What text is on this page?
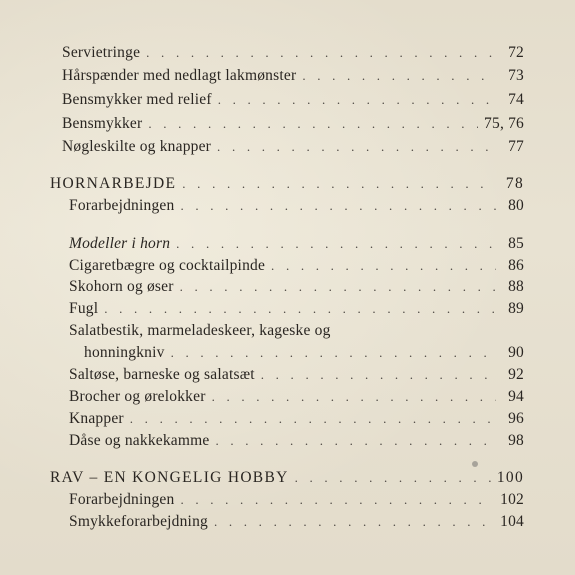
Servietringe . . .	72
Hårspænder med nedlagt lakmønster . . .	73
Bensmykker med relief . . .	74
Bensmykker . . .	75, 76
Nøgleskilte og knapper . . .	77
HORNARBEJDE . . .	78
Forarbejdningen . . .	80
Modeller i horn . . .	85
Cigaretbægre og cocktailpinde . . .	86
Skohorn og øser . . .	88
Fugl . . .	89
Salatbestik, marmeladeskeer, kageske og
honningkniv . . .	90
Saltøse, barneske og salatsæt . . .	92
Brocher og ørelokker . . .	94
Knapper . . .	96
Dåse og nakkekamme . . .	98
RAV – EN KONGELIG HOBBY . . .	100
Forarbejdningen . . .	102
Smykkeforarbejdning . . .	104
